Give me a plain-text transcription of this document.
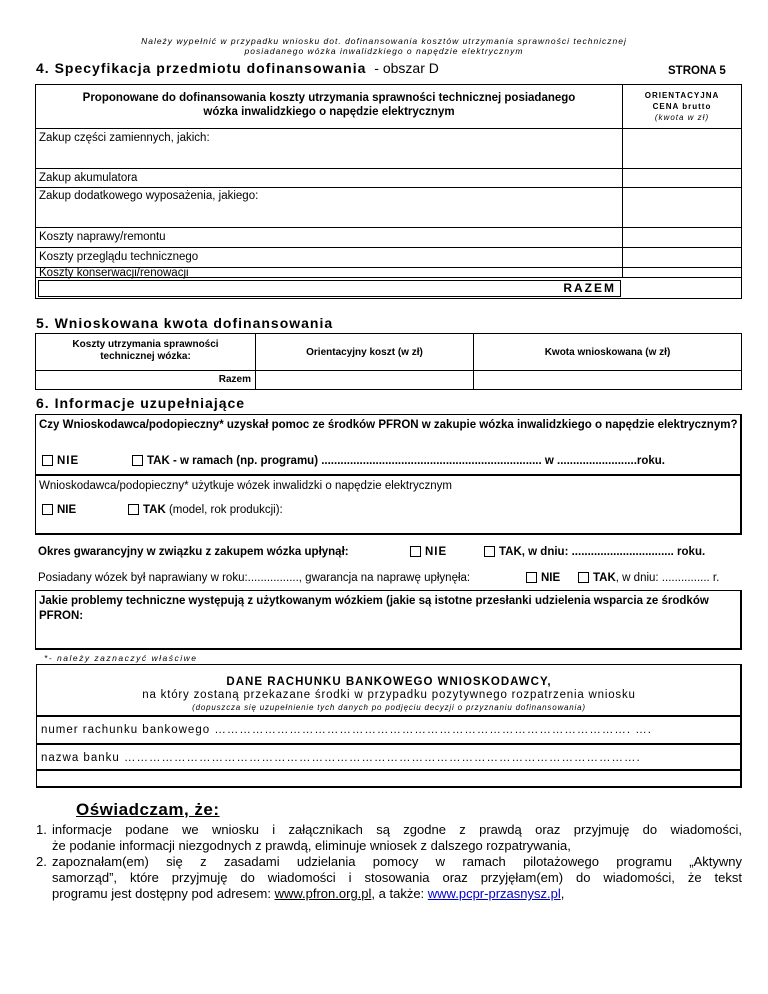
Należy wypełnić w przypadku wniosku dot. dofinansowania kosztów utrzymania sprawności technicznej
posiadanego wózka inwalidzkiego o napędzie elektrycznym
4. Specyfikacja przedmiotu dofinansowania - obszar D	STRONA 5
Proponowane do dofinansowania koszty utrzymania sprawności technicznej posiadanego wózka inwalidzkiego o napędzie elektrycznym
ORIENTACYJNA
CENA brutto
(kwota w zł)
Zakup części zamiennych, jakich:
Zakup akumulatora
Zakup dodatkowego wyposażenia, jakiego:
Koszty naprawy/remontu
Koszty przeglądu technicznego
Koszty konserwacji/renowacji
RAZEM
5. Wnioskowana kwota dofinansowania
Koszty utrzymania sprawności technicznej wózka:	Orientacyjny koszt (w zł)	Kwota wnioskowana (w zł)
Razem
6. Informacje uzupełniające
Czy Wnioskodawca/podopieczny* uzyskał pomoc ze środków PFRON w zakupie wózka inwalidzkiego o napędzie elektrycznym?
NIE	TAK - w ramach (np. programu) ..................................................................... w .........................roku.
Wnioskodawca/podopieczny* użytkuje wózek inwalidzki o napędzie elektrycznym
NIE	TAK (model, rok produkcji):
Okres gwarancyjny w związku z zakupem wózka upłynął:	NIE	TAK, w dniu: ................................ roku.
Posiadany wózek był naprawiany w roku:................, gwarancja na naprawę upłynęła:	NIE	TAK, w dniu: ............... r.
Jakie problemy techniczne występują z użytkowanym wózkiem (jakie są istotne przesłanki udzielenia wsparcia ze środków PFRON:
*- należy zaznaczyć właściwe
DANE RACHUNKU BANKOWEGO WNIOSKODAWCY,
na który zostaną przekazane środki w przypadku pozytywnego rozpatrzenia wniosku
(dopuszcza się uzupełnienie tych danych po podjęciu decyzji o przyznaniu dofinansowania)
numer rachunku bankowego ………………………………………………………………………………………. ….
nazwa banku …………………………………………………………………………………………………………….
Oświadczam, że:
1. informacje podane we wniosku i załącznikach są zgodne z prawdą oraz przyjmuję do wiadomości,
że podanie informacji niezgodnych z prawdą, eliminuje wniosek z dalszego rozpatrywania,
2. zapoznałam(em) się z zasadami udzielania pomocy w ramach pilotażowego programu „Aktywny
samorząd”, które przyjmuję do wiadomości i stosowania oraz przyjęłam(em) do wiadomości, że tekst
programu jest dostępny pod adresem: www.pfron.org.pl, a także: www.pcpr-przasnysz.pl,
